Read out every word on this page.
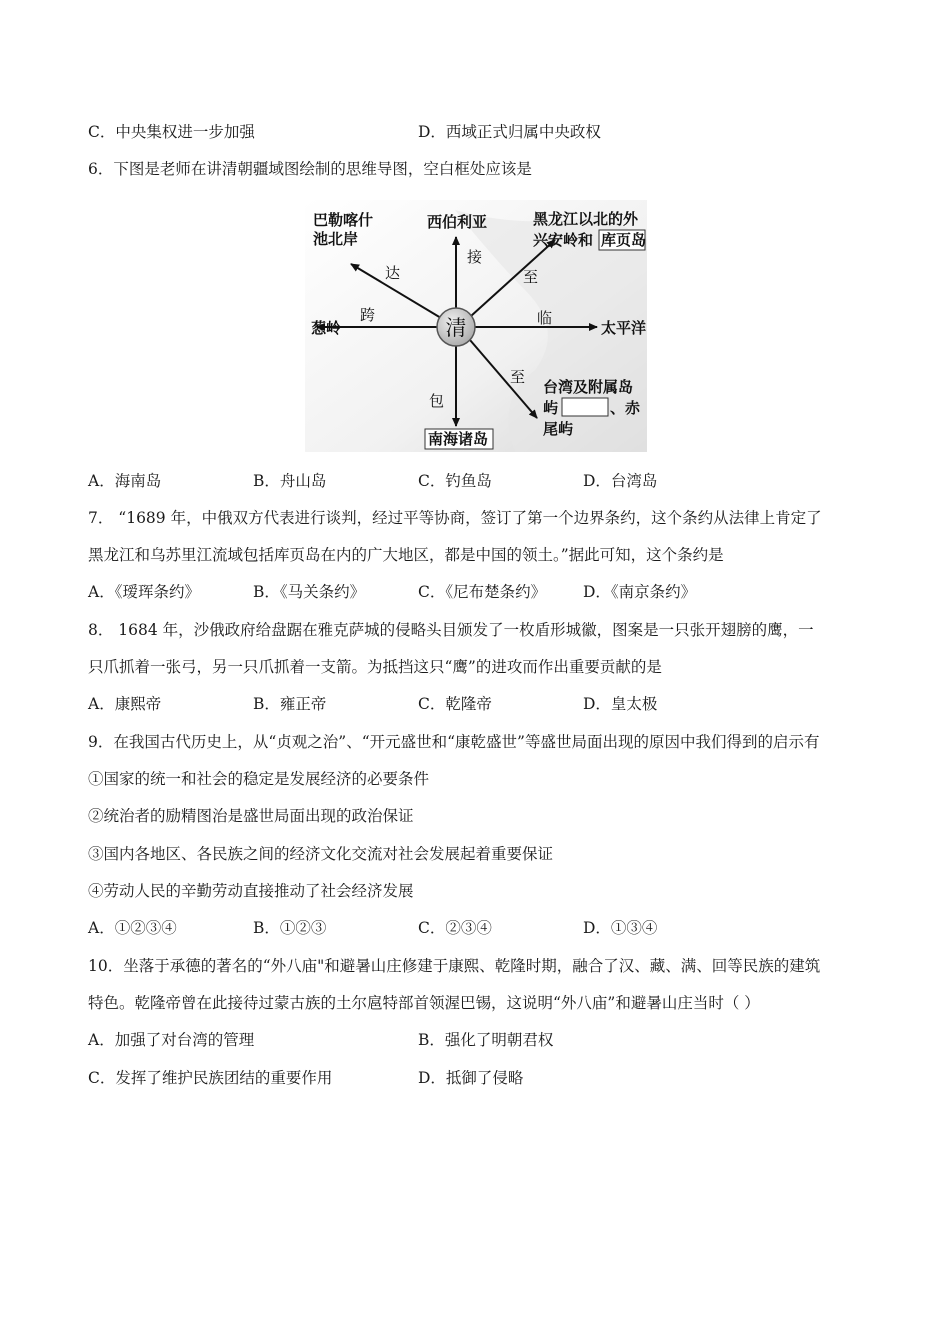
C．中央集权进一步加强	D．西域正式归属中央政权
6．下图是老师在讲清朝疆域图绘制的思维导图，空白框处应该是
清
巴勒喀什
池北岸
达
西伯利亚
接
黑龙江以北的外
兴安岭和 库页岛
至
葱岭
跨
太平洋
临
包
南海诸岛
至
台湾及附属岛
屿	、赤
尾屿
A．海南岛	B．舟山岛	C．钓鱼岛	D．台湾岛
7． “1689 年，中俄双方代表进行谈判，经过平等协商，签订了第一个边界条约，这个条约从法律上肯定了
黑龙江和乌苏里江流域包括库页岛在内的广大地区，都是中国的领土。”据此可知，这个条约是
A．《瑷珲条约》	B．《马关条约》	C．《尼布楚条约》 D．《南京条约》
8． 1684 年，沙俄政府给盘踞在雅克萨城的侵略头目颁发了一枚盾形城徽，图案是一只张开翅膀的鹰，一
只爪抓着一张弓，另一只爪抓着一支箭。为抵挡这只“鹰”的进攻而作出重要贡献的是
A．康熙帝	B．雍正帝	C．乾隆帝	D．皇太极
9．在我国古代历史上，从“贞观之治”、“开元盛世和“康乾盛世”等盛世局面出现的原因中我们得到的启示有
①国家的统一和社会的稳定是发展经济的必要条件
②统治者的励精图治是盛世局面出现的政治保证
③国内各地区、各民族之间的经济文化交流对社会发展起着重要保证
④劳动人民的辛勤劳动直接推动了社会经济发展
A．①②③④	B．①②③	C．②③④	D．①③④
10．坐落于承德的著名的“外八庙"和避暑山庄修建于康熙、乾隆时期，融合了汉、藏、满、回等民族的建筑
特色。乾隆帝曾在此接待过蒙古族的土尔扈特部首领渥巴锡，这说明“外八庙”和避暑山庄当时（ ）
A．加强了对台湾的管理	B．强化了明朝君权
C．发挥了维护民族团结的重要作用	D．抵御了侵略
